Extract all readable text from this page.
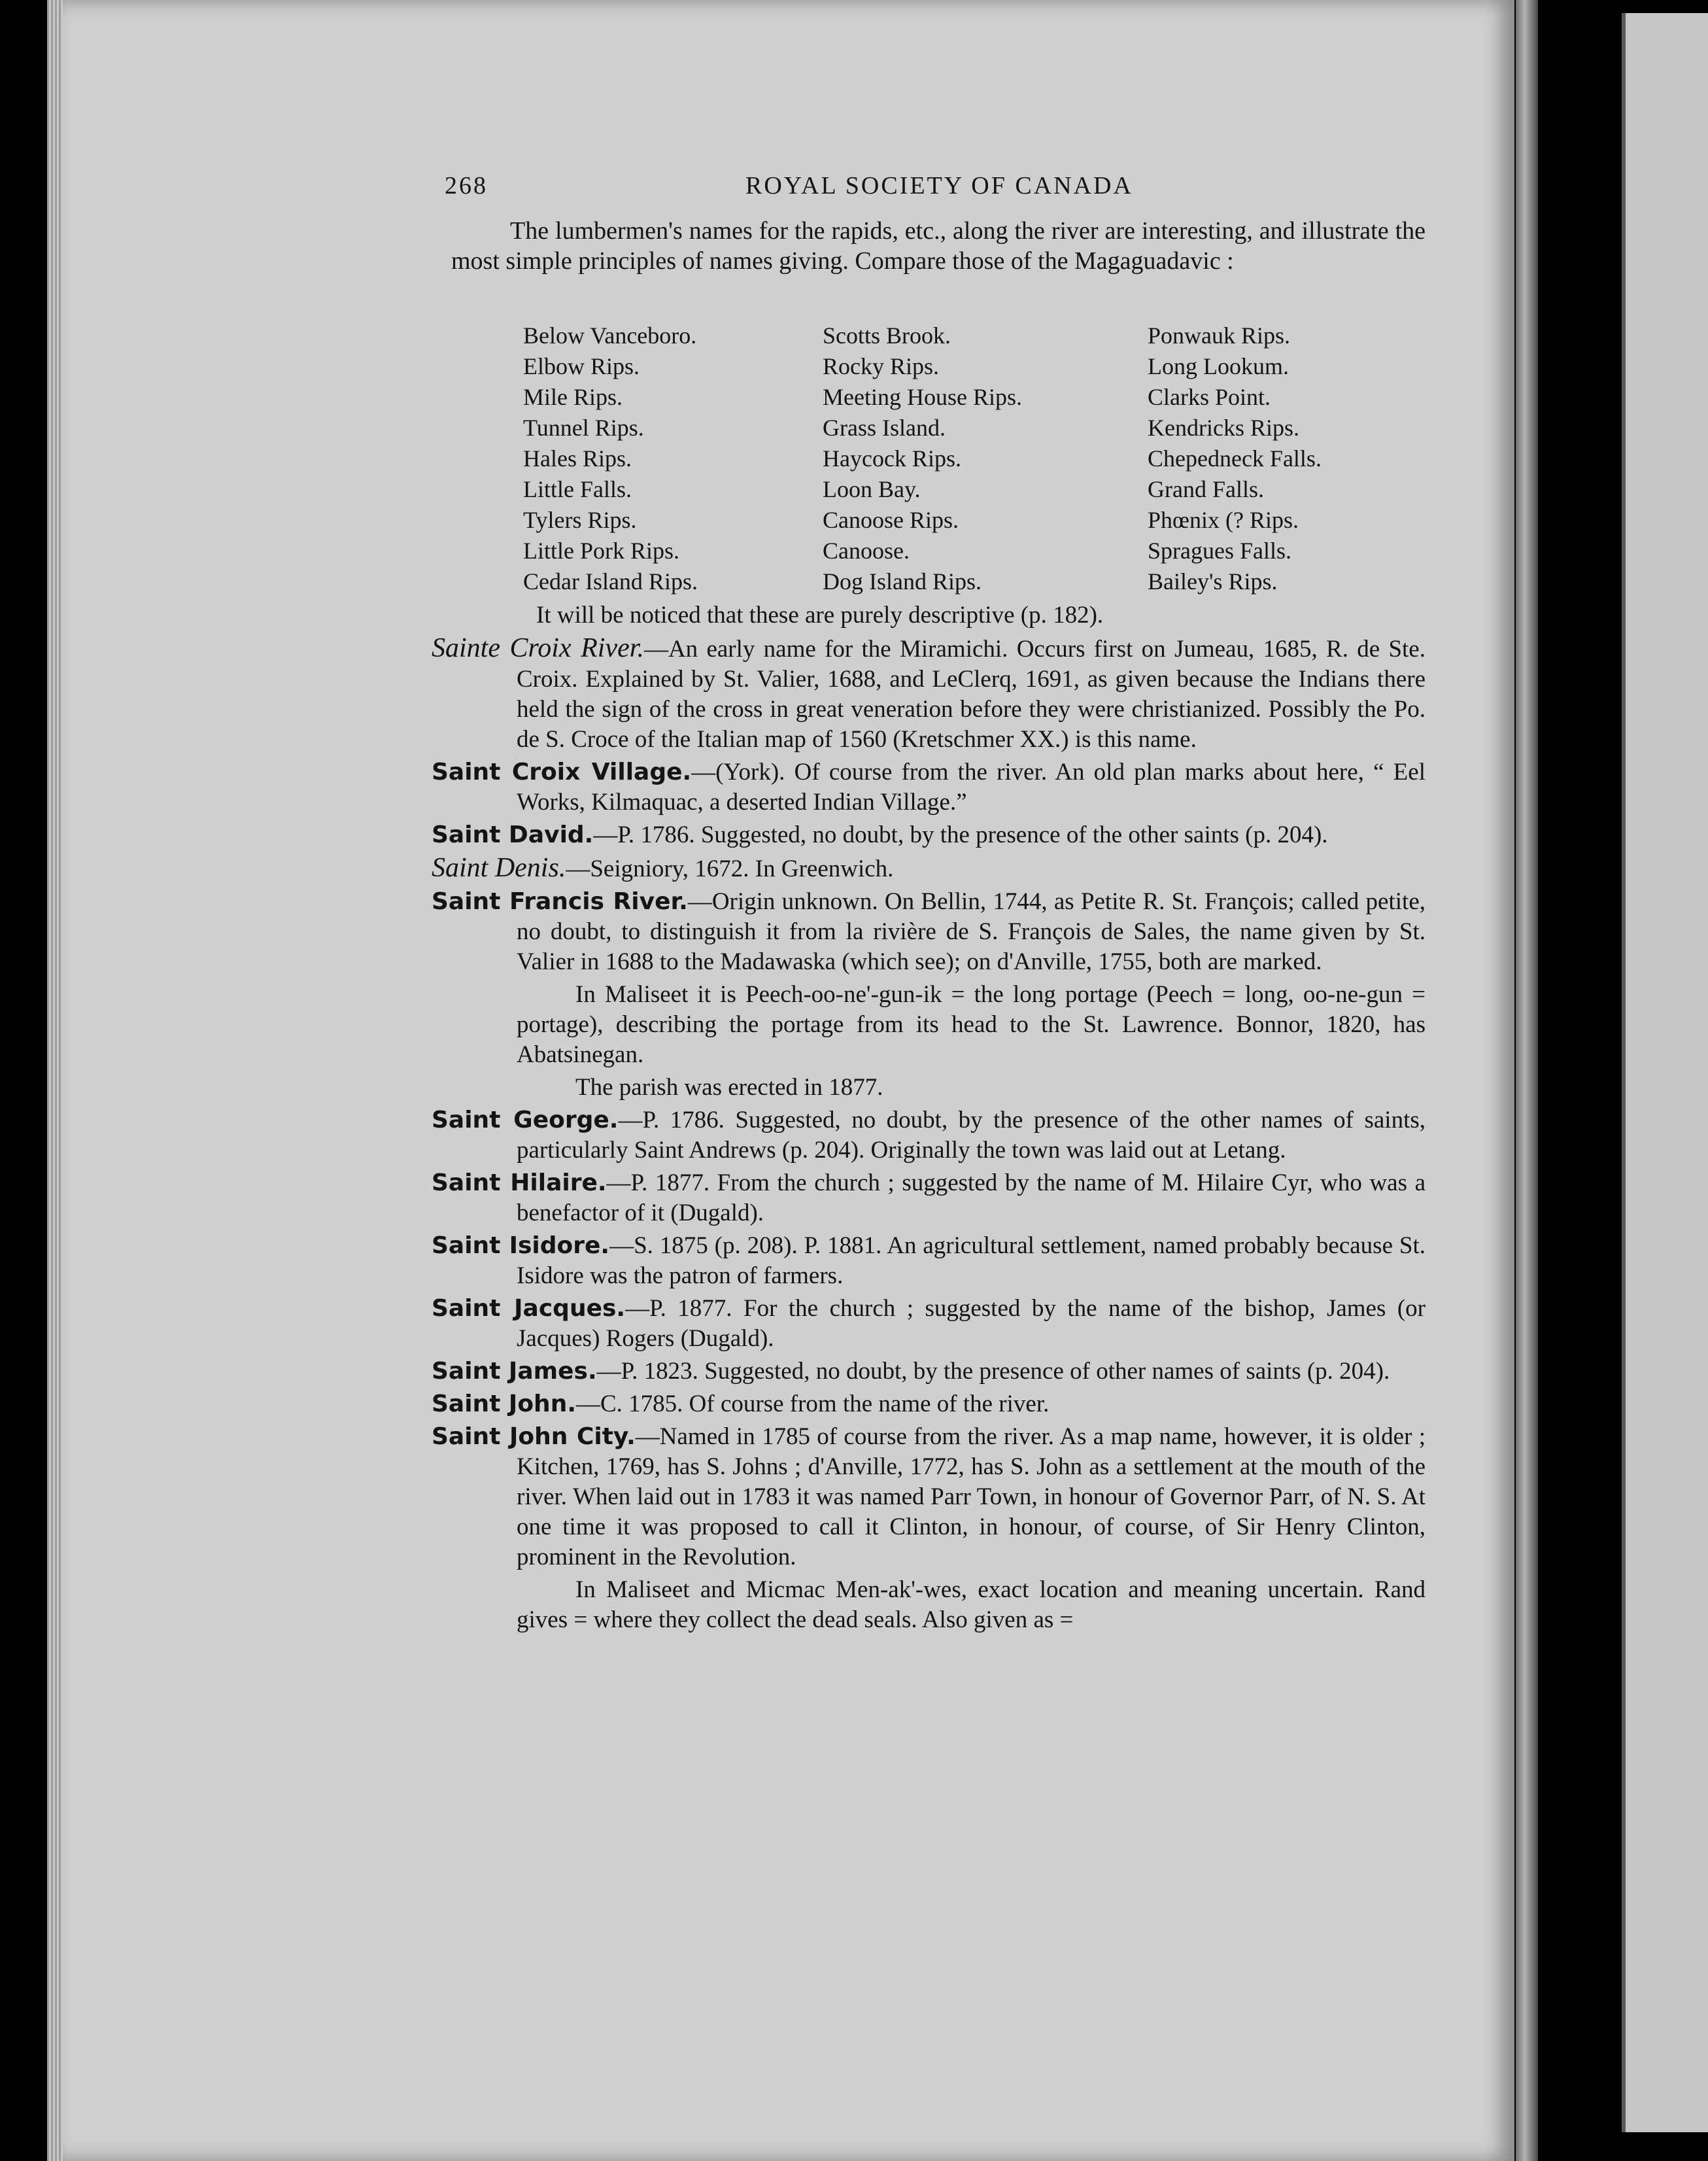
268	ROYAL SOCIETY OF CANADA

The lumbermen's names for the rapids, etc., along the river are interesting, and illustrate the most simple principles of names giving. Compare those of the Magaguadavic :

Below Vanceboro.
Elbow Rips.
Mile Rips.
Tunnel Rips.
Hales Rips.
Little Falls.
Tylers Rips.
Little Pork Rips.
Cedar Island Rips.
Scotts Brook.
Rocky Rips.
Meeting House Rips.
Grass Island.
Haycock Rips.
Loon Bay.
Canoose Rips.
Canoose.
Dog Island Rips.
Ponwauk Rips.
Long Lookum.
Clarks Point.
Kendricks Rips.
Chepedneck Falls.
Grand Falls.
Phœnix (? Rips.
Spragues Falls.
Bailey's Rips.

It will be noticed that these are purely descriptive (p. 182).

Sainte Croix River.—An early name for the Miramichi. Occurs first on Jumeau, 1685, R. de Ste. Croix. Explained by St. Valier, 1688, and LeClerq, 1691, as given because the Indians there held the sign of the cross in great veneration before they were christianized. Possibly the Po. de S. Croce of the Italian map of 1560 (Kretschmer XX.) is this name.

Saint Croix Village.—(York). Of course from the river. An old plan marks about here, “ Eel Works, Kilmaquac, a deserted Indian Village.”

Saint David.—P. 1786. Suggested, no doubt, by the presence of the other saints (p. 204).

Saint Denis.—Seigniory, 1672. In Greenwich.

Saint Francis River.—Origin unknown. On Bellin, 1744, as Petite R. St. François; called petite, no doubt, to distinguish it from la rivière de S. François de Sales, the name given by St. Valier in 1688 to the Madawaska (which see); on d'Anville, 1755, both are marked.

In Maliseet it is Peech-oo-ne'-gun-ik = the long portage (Peech = long, oo-ne-gun = portage), describing the portage from its head to the St. Lawrence. Bonnor, 1820, has Abatsinegan.

The parish was erected in 1877.

Saint George.—P. 1786. Suggested, no doubt, by the presence of the other names of saints, particularly Saint Andrews (p. 204). Originally the town was laid out at Letang.

Saint Hilaire.—P. 1877. From the church ; suggested by the name of M. Hilaire Cyr, who was a benefactor of it (Dugald).

Saint Isidore.—S. 1875 (p. 208). P. 1881. An agricultural settlement, named probably because St. Isidore was the patron of farmers.

Saint Jacques.—P. 1877. For the church ; suggested by the name of the bishop, James (or Jacques) Rogers (Dugald).

Saint James.—P. 1823. Suggested, no doubt, by the presence of other names of saints (p. 204).

Saint John.—C. 1785. Of course from the name of the river.

Saint John City.—Named in 1785 of course from the river. As a map name, however, it is older ; Kitchen, 1769, has S. Johns ; d'Anville, 1772, has S. John as a settlement at the mouth of the river. When laid out in 1783 it was named Parr Town, in honour of Governor Parr, of N. S. At one time it was proposed to call it Clinton, in honour, of course, of Sir Henry Clinton, prominent in the Revolution.

In Maliseet and Micmac Men-ak'-wes, exact location and meaning uncertain. Rand gives = where they collect the dead seals. Also given as =
